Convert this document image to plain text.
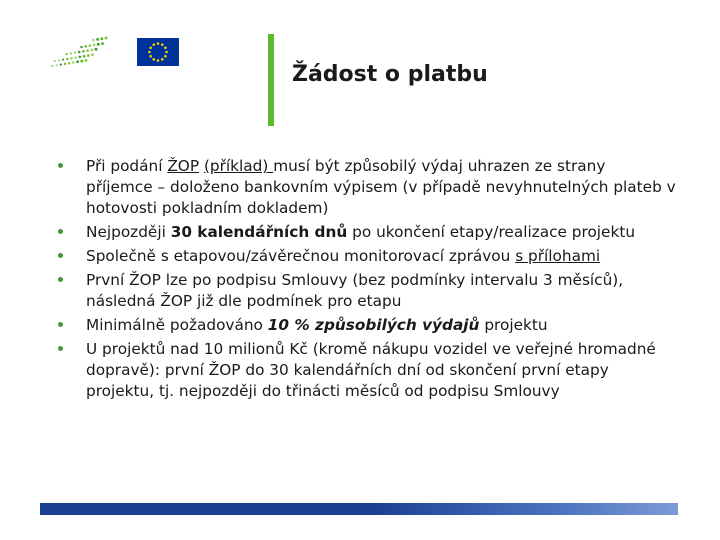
Žádost o platbu
Při podání ŽOP (příklad) musí být způsobilý výdaj uhrazen ze strany příjemce – doloženo bankovním výpisem (v případě nevyhnutelných plateb v hotovosti pokladním dokladem)
Nejpozději 30 kalendářních dnů po ukončení etapy/realizace projektu
Společně s etapovou/závěrečnou monitorovací zprávou s přílohami
První ŽOP lze po podpisu Smlouvy (bez podmínky intervalu 3 měsíců), následná ŽOP již dle podmínek pro etapu
Minimálně požadováno 10 % způsobilých výdajů projektu
U projektů nad 10 milionů Kč (kromě nákupu vozidel ve veřejné hromadné dopravě): první ŽOP do 30 kalendářních dní od skončení první etapy projektu, tj. nejpozději do třinácti měsíců od podpisu Smlouvy
